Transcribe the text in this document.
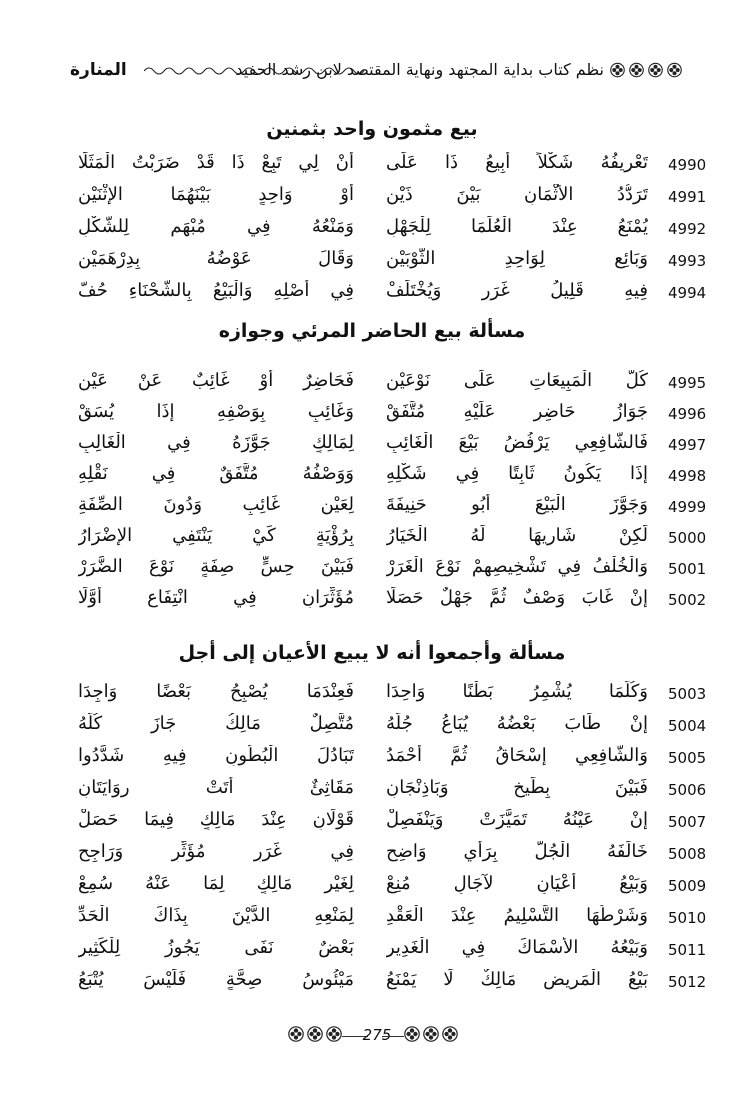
المنارة	نظم كتاب بداية المجتهد ونهاية المقتصد لابن رشد الحفيد
بيع مثمون واحد بثمنين
4990
تَعْرِيفُهُ شَكْلاً أَبِيعُ ذَا عَلَى
أَنْ لِي تَبِعْ ذَا قَدْ ضَرَبْتُ الْمَثَلَا
4991
تَرَدُّدُ الأَثْمَانِ بَيْنَ ذَيْنِ
أَوْ وَاحِدٍ بَيْنَهُمَا الإِثْنَيْنِ
4992
يُمْنَعُ عِنْدَ الْعُلَمَا لِلْجَهْلِ
وَمَنْعُهُ فِي مُبْهَمٍ لِلشَّكْلِ
4993
وَبَائِعٍ لِوَاحِدِ الثَّوْبَيْنِ
وَقَالَ عَوْضُهُ بِدِرْهَمَيْنِ
4994
فِيهِ قَلِيلُ غَرَرٍ وَيُخْتَلَفْ
فِي أَصْلِهِ وَالْبَيْعُ بِالشَّحْنَاءِ حُفّ
مسألة بيع الحاضر المرئي وجوازه
4995
كُلُّ الْمَبِيعَاتِ عَلَى نَوْعَيْنِ
فَحَاضِرٌ أَوْ غَائِبٌ عَنْ عَيْنِ
4996
جَوَازُ حَاضِرٍ عَلَيْهِ مُتَّفَقْ
وَغَائِبٍ بِوَصْفِهِ إِذَا يُسَقْ
4997
فَالشَّافِعِي يَرْفُضُ بَيْعَ الْغَائِبِ
لِمَالِكٍ جَوَّزَهُ فِي الْغَالِبِ
4998
إِذَا يَكُونُ ثَابِتًا فِي شَكْلِهِ
وَوَصْفُهُ مُتَّفَقٌ فِي نَقْلِهِ
4999
وَجَوَّزَ الْبَيْعَ أَبُو حَنِيفَةَ
لِعَيْنِ غَائِبٍ وَدُونَ الصِّفَةِ
5000
لَكِنْ شَارِيهَا لَهُ الْخَيَارُ
بِرُؤْيَةٍ كَيْ يَنْتَفِي الإِضْرَارُ
5001
وَالْخُلْفُ فِي تَشْخِيصِهِمْ نَوْعَ الْغَرَرْ
فَبَيْنَ حِسٍّ صِفَةٍ نَوْعَ الضَّرَرْ
5002
إِنْ غَابَ وَصْفٌ ثُمَّ جَهْلٌ حَصَلَا
مُؤَثِّرَانِ فِي انْتِفَاعٍ أَوَّلَا
مسألة وأجمعوا أنه لا يبيع الأعيان إلى أجل
5003
وَكُلَّمَا يُشْمِرُ بَطْنًا وَاحِدَا
فَعِنْدَمَا يُصْبِحُ بَعْضًا وَاجِدَا
5004
إِنْ طَابَ بَعْضُهُ يُبَاعُ جُلُّهُ
مُتَّصِلٌ مَالِكُ جَازَ كُلُّهُ
5005
وَالشَّافِعِي إِسْحَاقُ ثُمَّ أَحْمَدُ
تَبَادُلَ الْبُطُونِ فِيهِ شَدَّدُوا
5006
فَبَيْنَ بِطِّيخٍ وَبَاذِنْجَانِ
مَقَاثِئٌ أَتَتْ رِوَايَتَانِ
5007
إِنْ عَيْنُهُ تَمَيَّزَتْ وَيَنْفَصِلْ
قَوْلَانِ عِنْدَ مَالِكٍ فِيمَا حَصَلْ
5008
خَالَفَهُ الْجُلُّ بِرَأْيٍ وَاضِحِ
فِي غَرَرٍ مُؤَثِّرٍ وَرَاجِحِ
5009
وَبَيْعُ أَعْيَانٍ لآجَالٍ مُنِعْ
لِغَيْرِ مَالِكٍ لِمَا عَنْهُ سُمِعْ
5010
وَشَرْطُهَا التَّسْلِيمُ عِنْدَ الْعَقْدِ
لِمَنْعِهِ الدَّيْنَ بِذَاكَ الْحَدِّ
5011
وَبَيْعُهُ الأَسْمَاكَ فِي الْغَدِيرِ
بَعْضٌ نَفَى يَجُوزُ لِلْكَثِيرِ
5012
بَيْعُ الْمَرِيضِ مَالِكٌ لَا يَمْنَعُ
مَيْئُوسُ صِحَّةٍ فَلَيْسَ يُتْبَعُ
275
